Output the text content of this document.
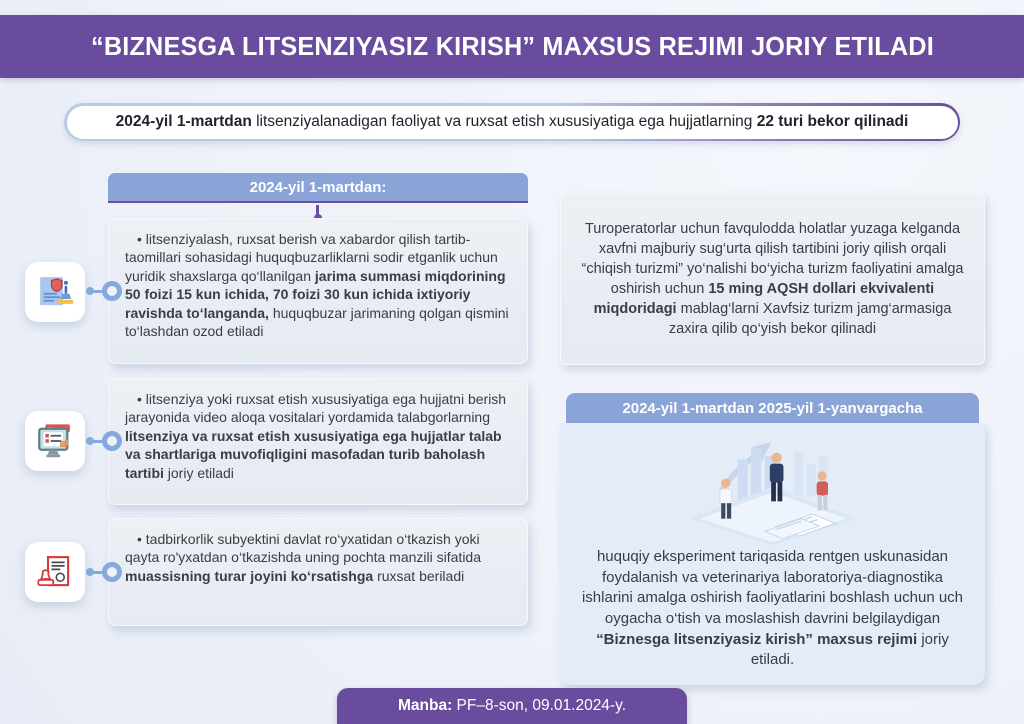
“BIZNESGA LITSENZIYASIZ KIRISH” MAXSUS REJIMI JORIY ETILADI

2024-yil 1-martdan litsenziyalanadigan faoliyat va ruxsat etish xususiyatiga ega hujjatlarning 22 turi bekor qilinadi

2024-yil 1-martdan:

• litsenziyalash, ruxsat berish va xabardor qilish tartib-taomillari sohasidagi huquqbuzarliklarni sodir etganlik uchun yuridik shaxslarga qo‘llanilgan jarima summasi miqdorining 50 foizi 15 kun ichida, 70 foizi 30 kun ichida ixtiyoriy ravishda to‘langanda, huquqbuzar jarimaning qolgan qismini to‘lashdan ozod etiladi

• litsenziya yoki ruxsat etish xususiyatiga ega hujjatni berish jarayonida video aloqa vositalari yordamida talabgorlarning litsenziya va ruxsat etish xususiyatiga ega hujjatlar talab va shartlariga muvofiqligini masofadan turib baholash tartibi joriy etiladi

• tadbirkorlik subyektini davlat ro‘yxatidan o‘tkazish yoki qayta ro'yxatdan o‘tkazishda uning pochta manzili sifatida muassisning turar joyini ko‘rsatishga ruxsat beriladi

Turoperatorlar uchun favqulodda holatlar yuzaga kelganda xavfni majburiy sug‘urta qilish tartibini joriy qilish orqali “chiqish turizmi” yo‘nalishi bo‘yicha turizm faoliyatini amalga oshirish uchun 15 ming AQSH dollari ekvivalenti miqdoridagi mablag‘larni Xavfsiz turizm jamg‘armasiga zaxira qilib qo‘yish bekor qilinadi

2024-yil 1-martdan 2025-yil 1-yanvargacha

huquqiy eksperiment tariqasida rentgen uskunasidan foydalanish va veterinariya laboratoriya-diagnostika ishlarini amalga oshirish faoliyatlarini boshlash uchun uch oygacha o‘tish va moslashish davrini belgilaydigan “Biznesga litsenziyasiz kirish” maxsus rejimi joriy etiladi.

Manba: PF–8-son, 09.01.2024-y.
